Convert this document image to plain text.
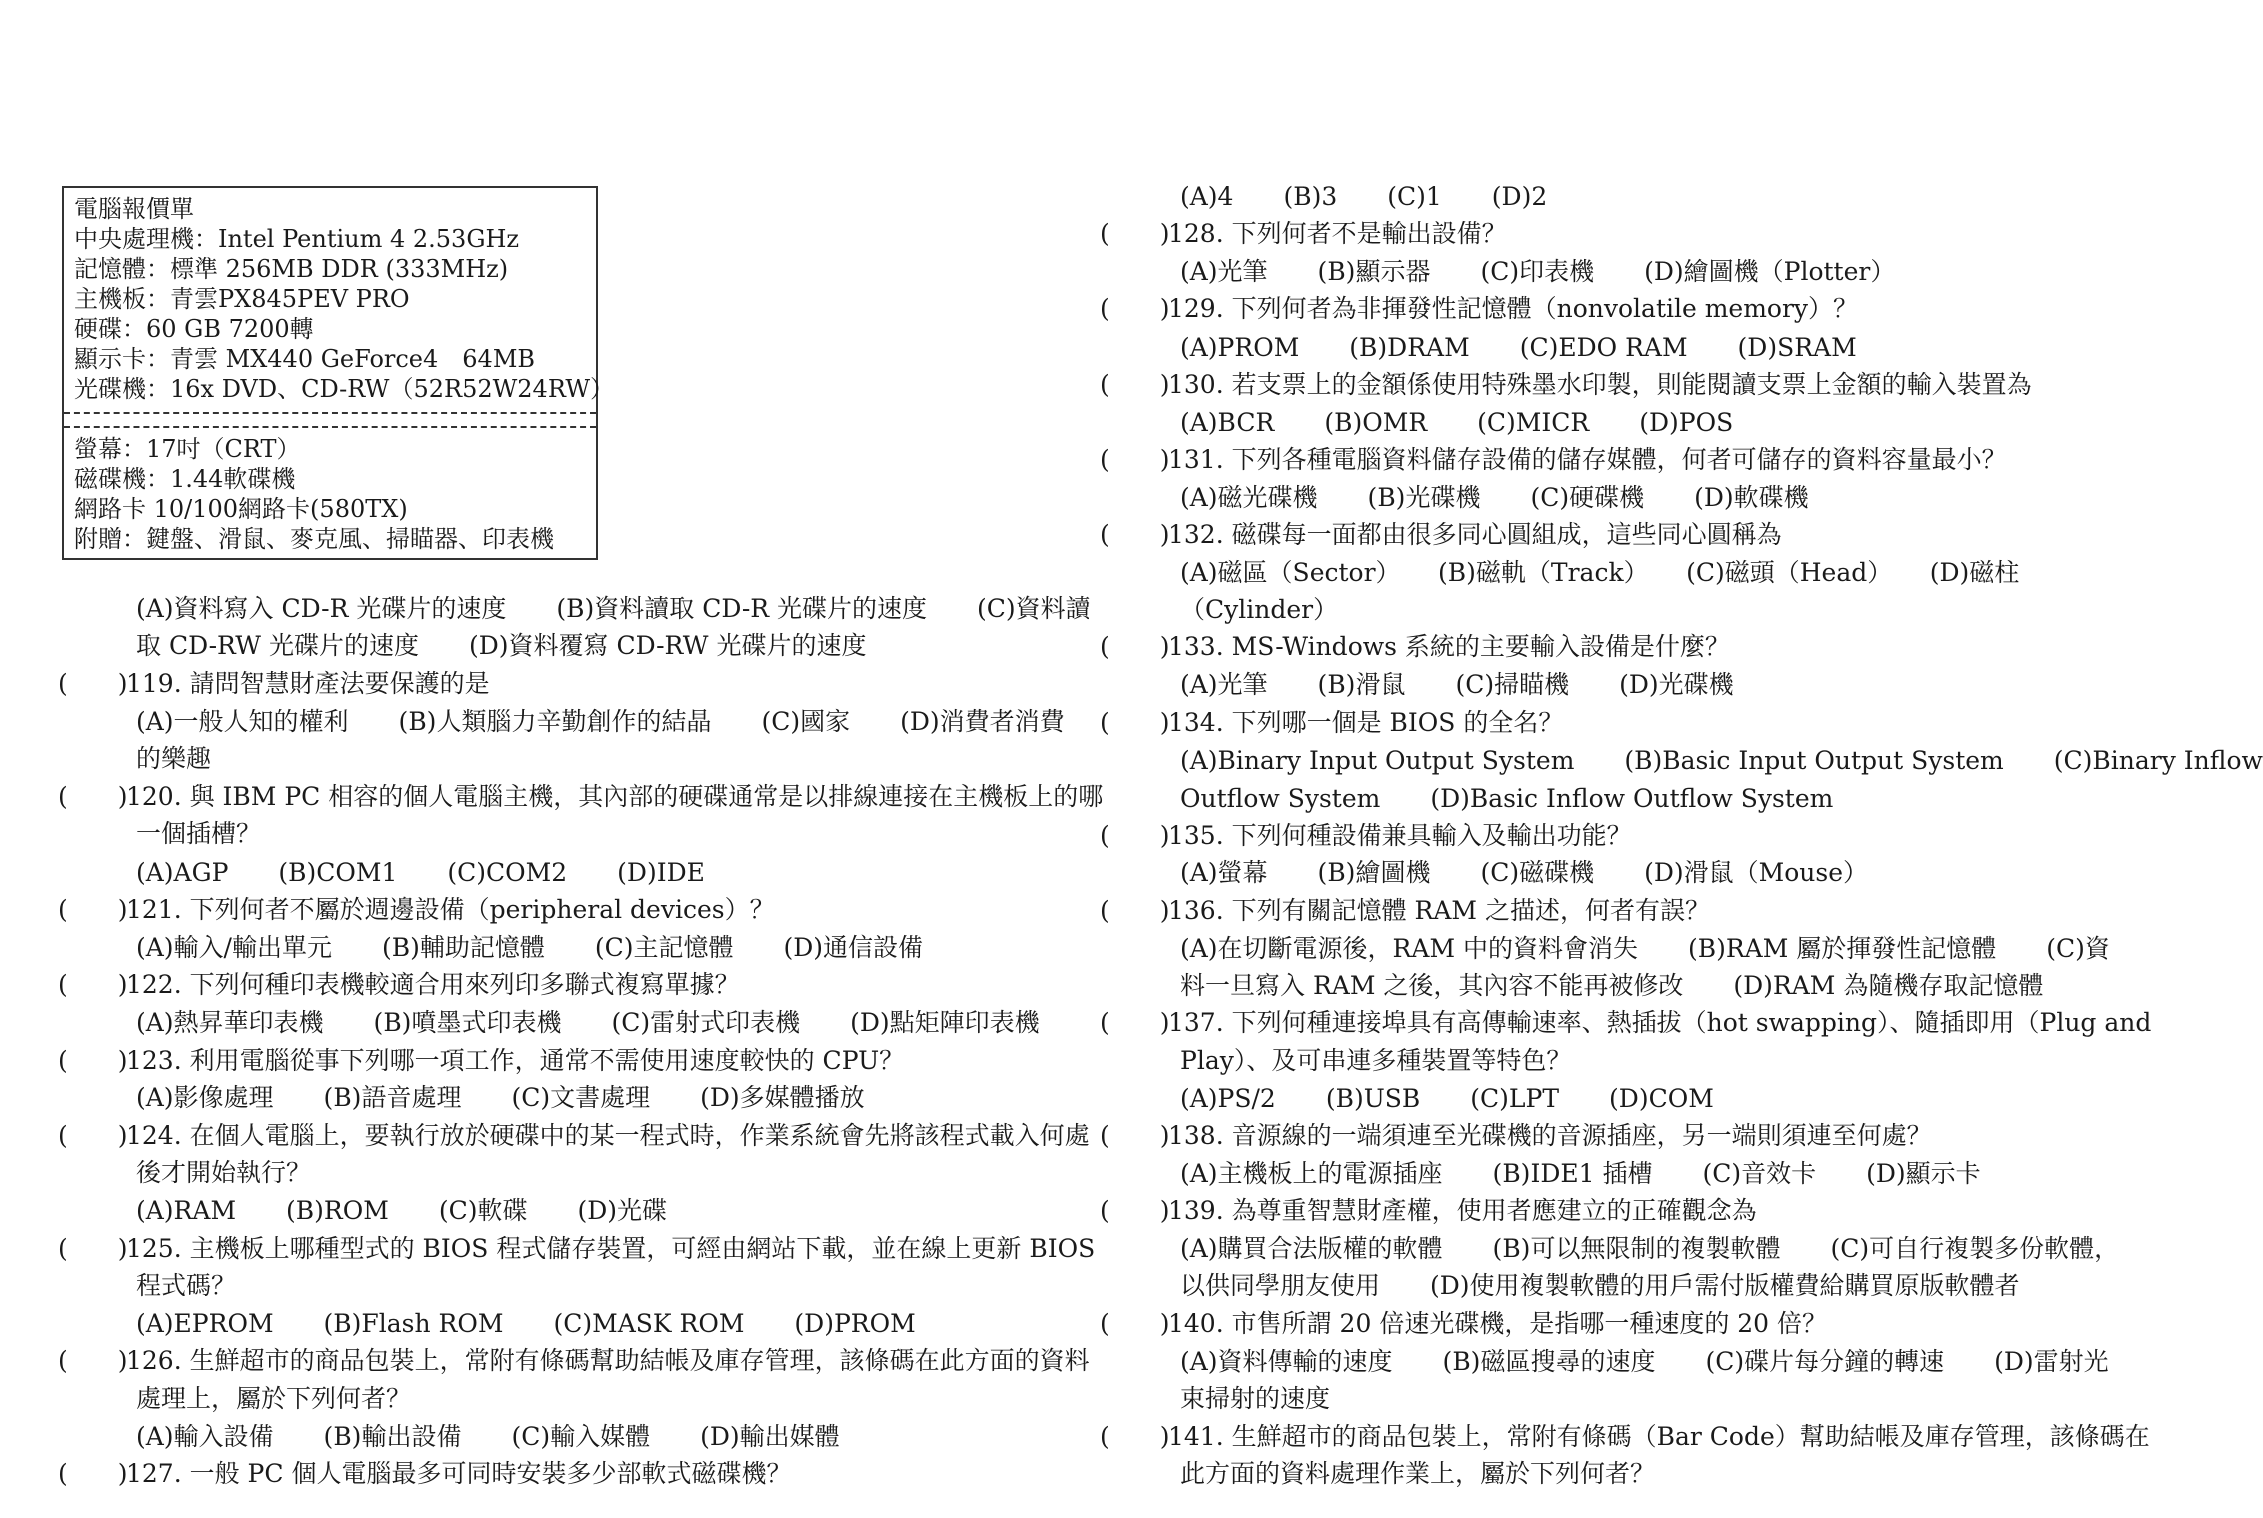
電腦報價單
中央處理機：Intel Pentium 4 2.53GHz
記憶體：標準 256MB DDR (333MHz)
主機板：青雲PX845PEV PRO
硬碟：60 GB 7200轉
顯示卡：青雲 MX440 GeForce4　64MB
光碟機：16x DVD、CD-RW（52R52W24RW）
螢幕：17吋（CRT）
磁碟機：1.44軟碟機
網路卡 10/100網路卡(580TX)
附贈：鍵盤、滑鼠、麥克風、掃瞄器、印表機
(A)資料寫入 CD-R 光碟片的速度　　(B)資料讀取 CD-R 光碟片的速度　　(C)資料讀
取 CD-RW 光碟片的速度　　(D)資料覆寫 CD-RW 光碟片的速度
(　　)
119. 請問智慧財產法要保護的是
(A)一般人知的權利　　(B)人類腦力辛勤創作的結晶　　(C)國家　　(D)消費者消費
的樂趣
(　　)
120. 與 IBM PC 相容的個人電腦主機，其內部的硬碟通常是以排線連接在主機板上的哪
一個插槽？
(A)AGP　　(B)COM1　　(C)COM2　　(D)IDE
(　　)
121. 下列何者不屬於週邊設備（peripheral devices）？
(A)輸入/輸出單元　　(B)輔助記憶體　　(C)主記憶體　　(D)通信設備
(　　)
122. 下列何種印表機較適合用來列印多聯式複寫單據？
(A)熱昇華印表機　　(B)噴墨式印表機　　(C)雷射式印表機　　(D)點矩陣印表機
(　　)
123. 利用電腦從事下列哪一項工作，通常不需使用速度較快的 CPU？
(A)影像處理　　(B)語音處理　　(C)文書處理　　(D)多媒體播放
(　　)
124. 在個人電腦上，要執行放於硬碟中的某一程式時，作業系統會先將該程式載入何處
後才開始執行？
(A)RAM　　(B)ROM　　(C)軟碟　　(D)光碟
(　　)
125. 主機板上哪種型式的 BIOS 程式儲存裝置，可經由網站下載，並在線上更新 BIOS
程式碼？
(A)EPROM　　(B)Flash ROM　　(C)MASK ROM　　(D)PROM
(　　)
126. 生鮮超市的商品包裝上，常附有條碼幫助結帳及庫存管理，該條碼在此方面的資料
處理上，屬於下列何者？
(A)輸入設備　　(B)輸出設備　　(C)輸入媒體　　(D)輸出媒體
(　　)
127. 一般 PC 個人電腦最多可同時安裝多少部軟式磁碟機？
(A)4　　(B)3　　(C)1　　(D)2
(　　)
128. 下列何者不是輸出設備？
(A)光筆　　(B)顯示器　　(C)印表機　　(D)繪圖機（Plotter）
(　　)
129. 下列何者為非揮發性記憶體（nonvolatile memory）？
(A)PROM　　(B)DRAM　　(C)EDO RAM　　(D)SRAM
(　　)
130. 若支票上的金額係使用特殊墨水印製，則能閱讀支票上金額的輸入裝置為
(A)BCR　　(B)OMR　　(C)MICR　　(D)POS
(　　)
131. 下列各種電腦資料儲存設備的儲存媒體，何者可儲存的資料容量最小？
(A)磁光碟機　　(B)光碟機　　(C)硬碟機　　(D)軟碟機
(　　)
132. 磁碟每一面都由很多同心圓組成，這些同心圓稱為
(A)磁區（Sector）　　(B)磁軌（Track）　　(C)磁頭（Head）　　(D)磁柱
（Cylinder）
(　　)
133. MS-Windows 系統的主要輸入設備是什麼？
(A)光筆　　(B)滑鼠　　(C)掃瞄機　　(D)光碟機
(　　)
134. 下列哪一個是 BIOS 的全名？
(A)Binary Input Output System　　(B)Basic Input Output System　　(C)Binary Inflow
Outflow System　　(D)Basic Inflow Outflow System
(　　)
135. 下列何種設備兼具輸入及輸出功能？
(A)螢幕　　(B)繪圖機　　(C)磁碟機　　(D)滑鼠（Mouse）
(　　)
136. 下列有關記憶體 RAM 之描述，何者有誤？
(A)在切斷電源後，RAM 中的資料會消失　　(B)RAM 屬於揮發性記憶體　　(C)資
料一旦寫入 RAM 之後，其內容不能再被修改　　(D)RAM 為隨機存取記憶體
(　　)
137. 下列何種連接埠具有高傳輸速率、熱插拔（hot swapping）、隨插即用（Plug and
Play）、及可串連多種裝置等特色？
(A)PS/2　　(B)USB　　(C)LPT　　(D)COM
(　　)
138. 音源線的一端須連至光碟機的音源插座，另一端則須連至何處？
(A)主機板上的電源插座　　(B)IDE1 插槽　　(C)音效卡　　(D)顯示卡
(　　)
139. 為尊重智慧財產權，使用者應建立的正確觀念為
(A)購買合法版權的軟體　　(B)可以無限制的複製軟體　　(C)可自行複製多份軟體，
以供同學朋友使用　　(D)使用複製軟體的用戶需付版權費給購買原版軟體者
(　　)
140. 市售所謂 20 倍速光碟機，是指哪一種速度的 20 倍？
(A)資料傳輸的速度　　(B)磁區搜尋的速度　　(C)碟片每分鐘的轉速　　(D)雷射光
束掃射的速度
(　　)
141. 生鮮超市的商品包裝上，常附有條碼（Bar Code）幫助結帳及庫存管理，該條碼在
此方面的資料處理作業上，屬於下列何者？
